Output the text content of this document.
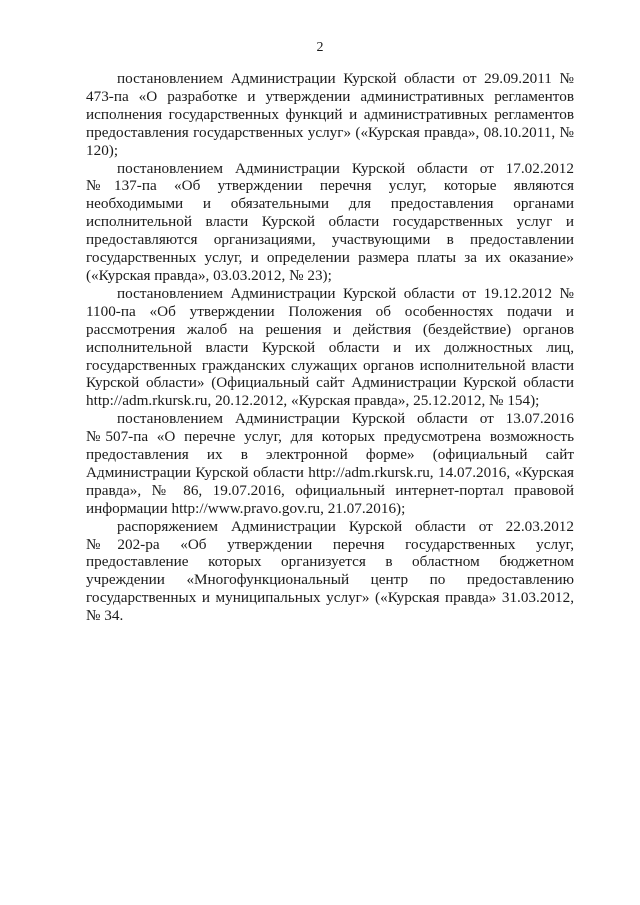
2

постановлением Администрации Курской области от 29.09.2011 № 473-па «О разработке и утверждении административных регламентов исполнения государственных функций и административных регламентов предоставления государственных услуг» («Курская правда», 08.10.2011, № 120);

постановлением Администрации Курской области от 17.02.2012 №137-па «Об утверждении перечня услуг, которые являются необходимыми и обязательными для предоставления органами исполнительной власти Курской области государственных услуг и предоставляются организациями, участвующими в предоставлении государственных услуг, и определении размера платы за их оказание» («Курская правда», 03.03.2012, № 23);

постановлением Администрации Курской области от 19.12.2012 № 1100-па «Об утверждении Положения об особенностях подачи и рассмотрения жалоб на решения и действия (бездействие) органов исполнительной власти Курской области и их должностных лиц, государственных гражданских служащих органов исполнительной власти Курской области» (Официальный сайт Администрации Курской области http://adm.rkursk.ru, 20.12.2012, «Курская правда», 25.12.2012, № 154);

постановлением Администрации Курской области от 13.07.2016 №507-па «О перечне услуг, для которых предусмотрена возможность предоставления их в электронной форме» (официальный сайт Администрации Курской области http://adm.rkursk.ru, 14.07.2016, «Курская правда», № 86, 19.07.2016, официальный интернет-портал правовой информации http://www.pravo.gov.ru, 21.07.2016);

распоряжением Администрации Курской области от 22.03.2012 №202-ра «Об утверждении перечня государственных услуг, предоставление которых организуется в областном бюджетном учреждении «Многофункциональный центр по предоставлению государственных и муниципальных услуг» («Курская правда» 31.03.2012, № 34.
